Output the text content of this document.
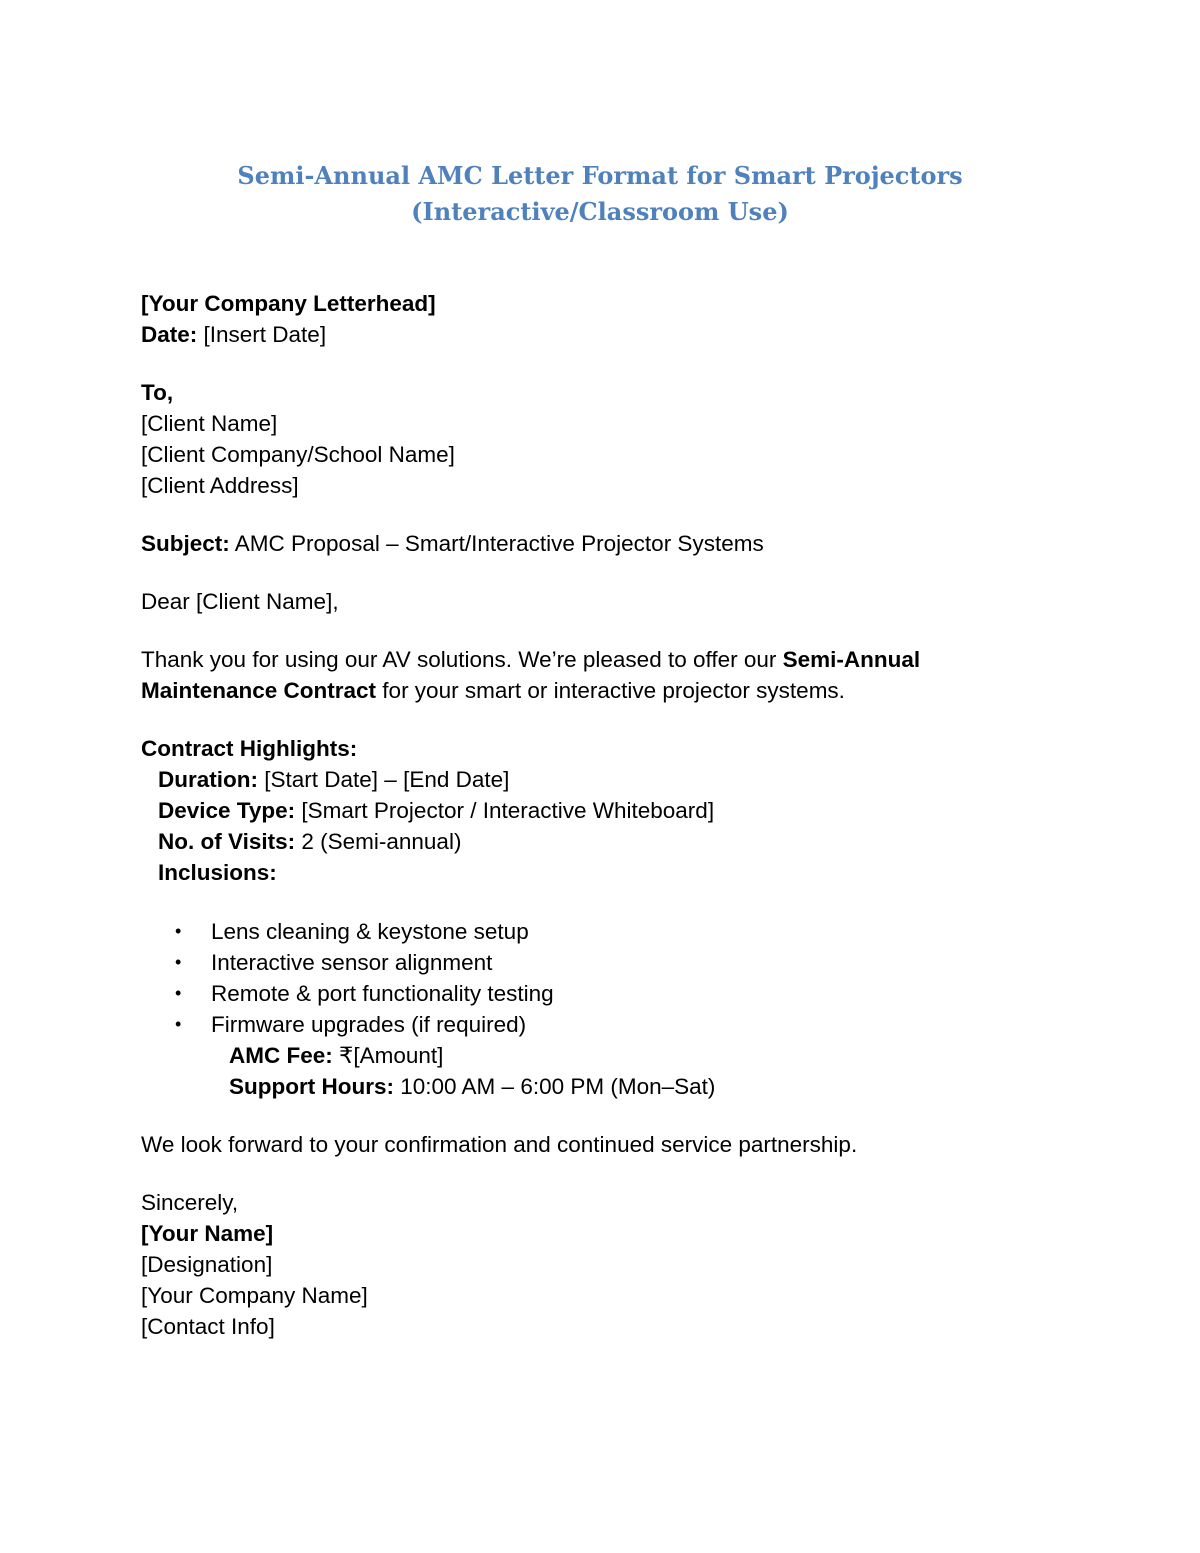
Semi-Annual AMC Letter Format for Smart Projectors (Interactive/Classroom Use)

[Your Company Letterhead]

Date: [Insert Date]

To,

[Client Name]

[Client Company/School Name]

[Client Address]

Subject: AMC Proposal – Smart/Interactive Projector Systems

Dear [Client Name],

Thank you for using our AV solutions. We’re pleased to offer our Semi-Annual

Maintenance Contract for your smart or interactive projector systems.

Contract Highlights:

Duration: [Start Date] – [End Date]

Device Type: [Smart Projector / Interactive Whiteboard]

No. of Visits: 2 (Semi-annual)

Inclusions:

• Lens cleaning & keystone setup
• Interactive sensor alignment
• Remote & port functionality testing
• Firmware upgrades (if required)

AMC Fee: ₹[Amount]

Support Hours: 10:00 AM – 6:00 PM (Mon–Sat)

We look forward to your confirmation and continued service partnership.

Sincerely,

[Your Name]

[Designation]

[Your Company Name]

[Contact Info]
